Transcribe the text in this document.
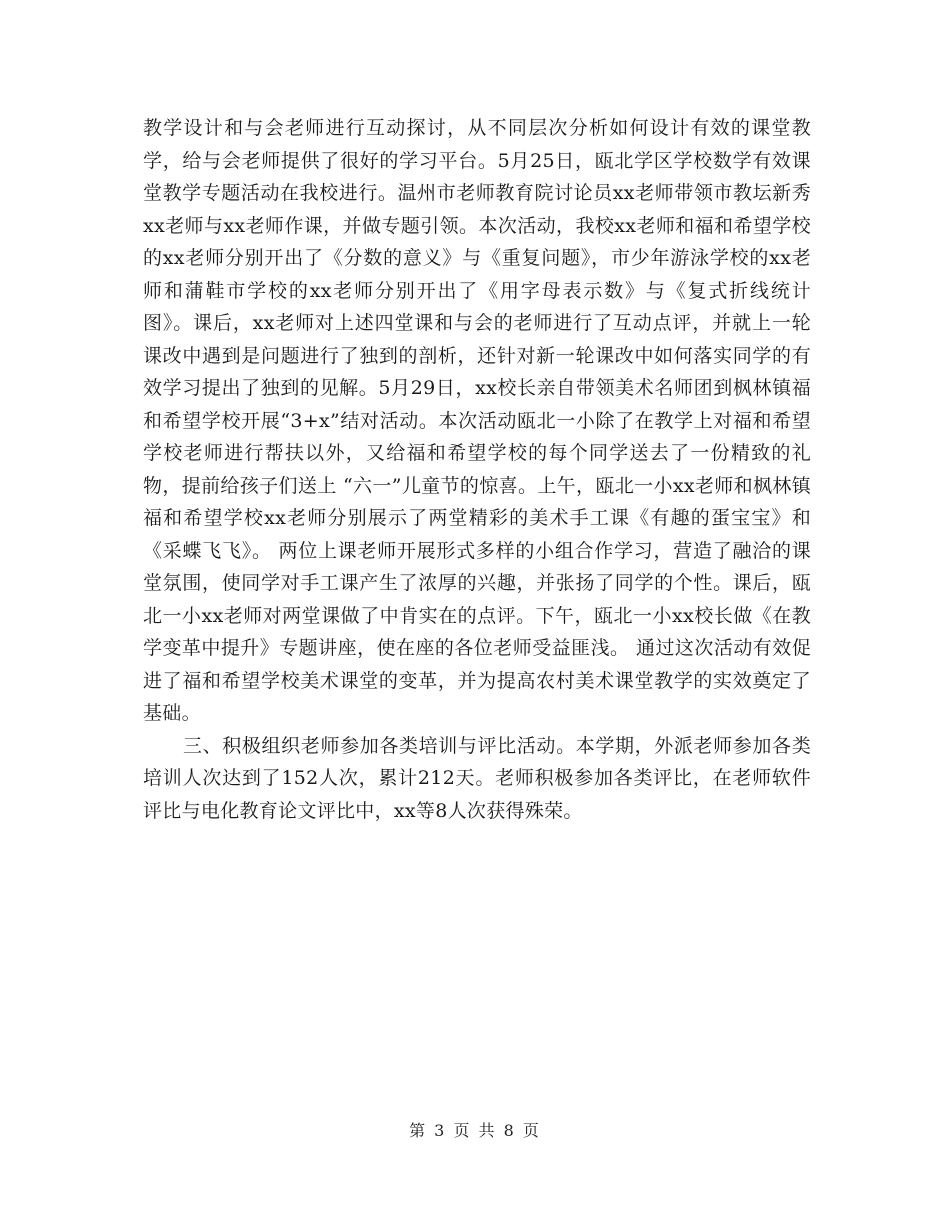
教学设计和与会老师进行互动探讨，从不同层次分析如何设计有效的课堂教学，给与会老师提供了很好的学习平台。5月25日，瓯北学区学校数学有效课堂教学专题活动在我校进行。温州市老师教育院讨论员xx老师带领市教坛新秀xx老师与xx老师作课，并做专题引领。本次活动，我校xx老师和福和希望学校的xx老师分别开出了《分数的意义》与《重复问题》，市少年游泳学校的xx老师和蒲鞋市学校的xx老师分别开出了《用字母表示数》与《复式折线统计图》。课后，xx老师对上述四堂课和与会的老师进行了互动点评，并就上一轮课改中遇到是问题进行了独到的剖析，还针对新一轮课改中如何落实同学的有效学习提出了独到的见解。5月29日，xx校长亲自带领美术名师团到枫林镇福和希望学校开展“3+x”结对活动。本次活动瓯北一小除了在教学上对福和希望学校老师进行帮扶以外，又给福和希望学校的每个同学送去了一份精致的礼物，提前给孩子们送上 “六一”儿童节的惊喜。上午，瓯北一小xx老师和枫林镇福和希望学校xx老师分别展示了两堂精彩的美术手工课《有趣的蛋宝宝》和《采蝶飞飞》。 两位上课老师开展形式多样的小组合作学习，营造了融洽的课堂氛围，使同学对手工课产生了浓厚的兴趣，并张扬了同学的个性。课后，瓯北一小xx老师对两堂课做了中肯实在的点评。下午，瓯北一小xx校长做《在教学变革中提升》专题讲座，使在座的各位老师受益匪浅。 通过这次活动有效促进了福和希望学校美术课堂的变革，并为提高农村美术课堂教学的实效奠定了基础。

三、积极组织老师参加各类培训与评比活动。本学期，外派老师参加各类培训人次达到了152人次，累计212天。老师积极参加各类评比，在老师软件评比与电化教育论文评比中，xx等8人次获得殊荣。

第 3 页 共 8 页
